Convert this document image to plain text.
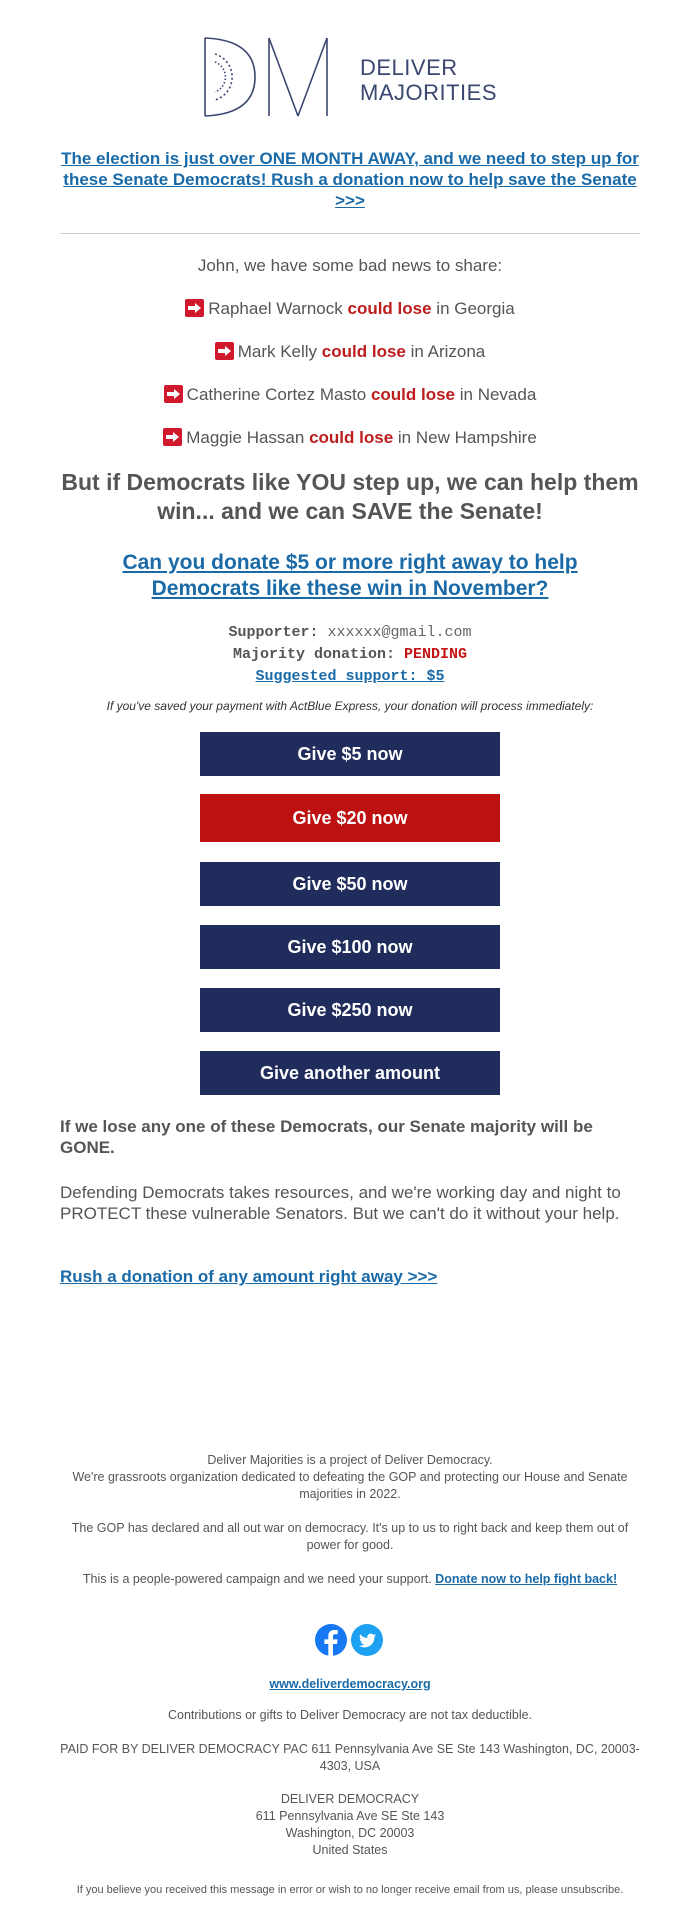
DELIVER
MAJORITIES
The election is just over ONE MONTH AWAY, and we need to step up for these Senate Democrats! Rush a donation now to help save the Senate >>>
John, we have some bad news to share:
Raphael Warnock could lose in Georgia
Mark Kelly could lose in Arizona
Catherine Cortez Masto could lose in Nevada
Maggie Hassan could lose in New Hampshire
But if Democrats like YOU step up, we can help them win... and we can SAVE the Senate!
Can you donate $5 or more right away to help Democrats like these win in November?
Supporter: xxxxxx@gmail.com
Majority donation: PENDING
Suggested support: $5
If you've saved your payment with ActBlue Express, your donation will process immediately:
Give $5 now
Give $20 now
Give $50 now
Give $100 now
Give $250 now
Give another amount
If we lose any one of these Democrats, our Senate majority will be GONE.
Defending Democrats takes resources, and we're working day and night to PROTECT these vulnerable Senators. But we can't do it without your help.
Rush a donation of any amount right away >>>
Deliver Majorities is a project of Deliver Democracy.
We're grassroots organization dedicated to defeating the GOP and protecting our House and Senate majorities in 2022.
The GOP has declared and all out war on democracy. It's up to us to right back and keep them out of power for good.
This is a people-powered campaign and we need your support. Donate now to help fight back!
www.deliverdemocracy.org
Contributions or gifts to Deliver Democracy are not tax deductible.
PAID FOR BY DELIVER DEMOCRACY PAC 611 Pennsylvania Ave SE Ste 143 Washington, DC, 20003- 4303, USA
DELIVER DEMOCRACY
611 Pennsylvania Ave SE Ste 143
Washington, DC 20003
United States
If you believe you received this message in error or wish to no longer receive email from us, please unsubscribe.
